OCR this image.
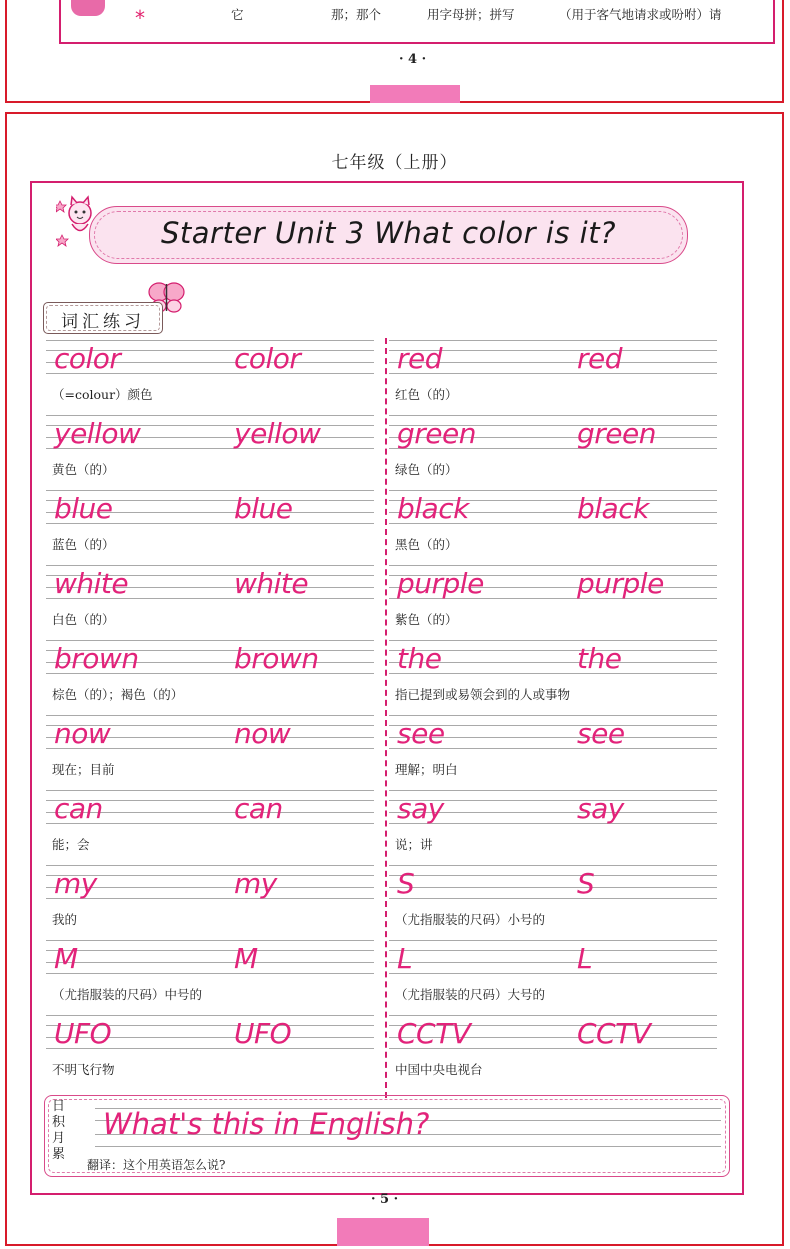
*	它	那；那个	用字母拼；拼写	（用于客气地请求或吩咐）请
· 4 ·
七年级（上册）
Starter Unit 3 What color is it?
词汇练习
color	color
（=colour）颜色
yellow	yellow
黄色（的）
blue	blue
蓝色（的）
white	white
白色（的）
brown	brown
棕色（的）；褐色（的）
now	now
现在；目前
can	can
能；会
my	my
我的
M	M
（尤指服装的尺码）中号的
UFO	UFO
不明飞行物
red	red
红色（的）
green	green
绿色（的）
black	black
黑色（的）
purple	purple
紫色（的）
the	the
指已提到或易领会到的人或事物
see	see
理解；明白
say	say
说；讲
S	S
（尤指服装的尺码）小号的
L	L
（尤指服装的尺码）大号的
CCTV	CCTV
中国中央电视台
日积月累
What's this in English?
翻译：这个用英语怎么说?
· 5 ·
